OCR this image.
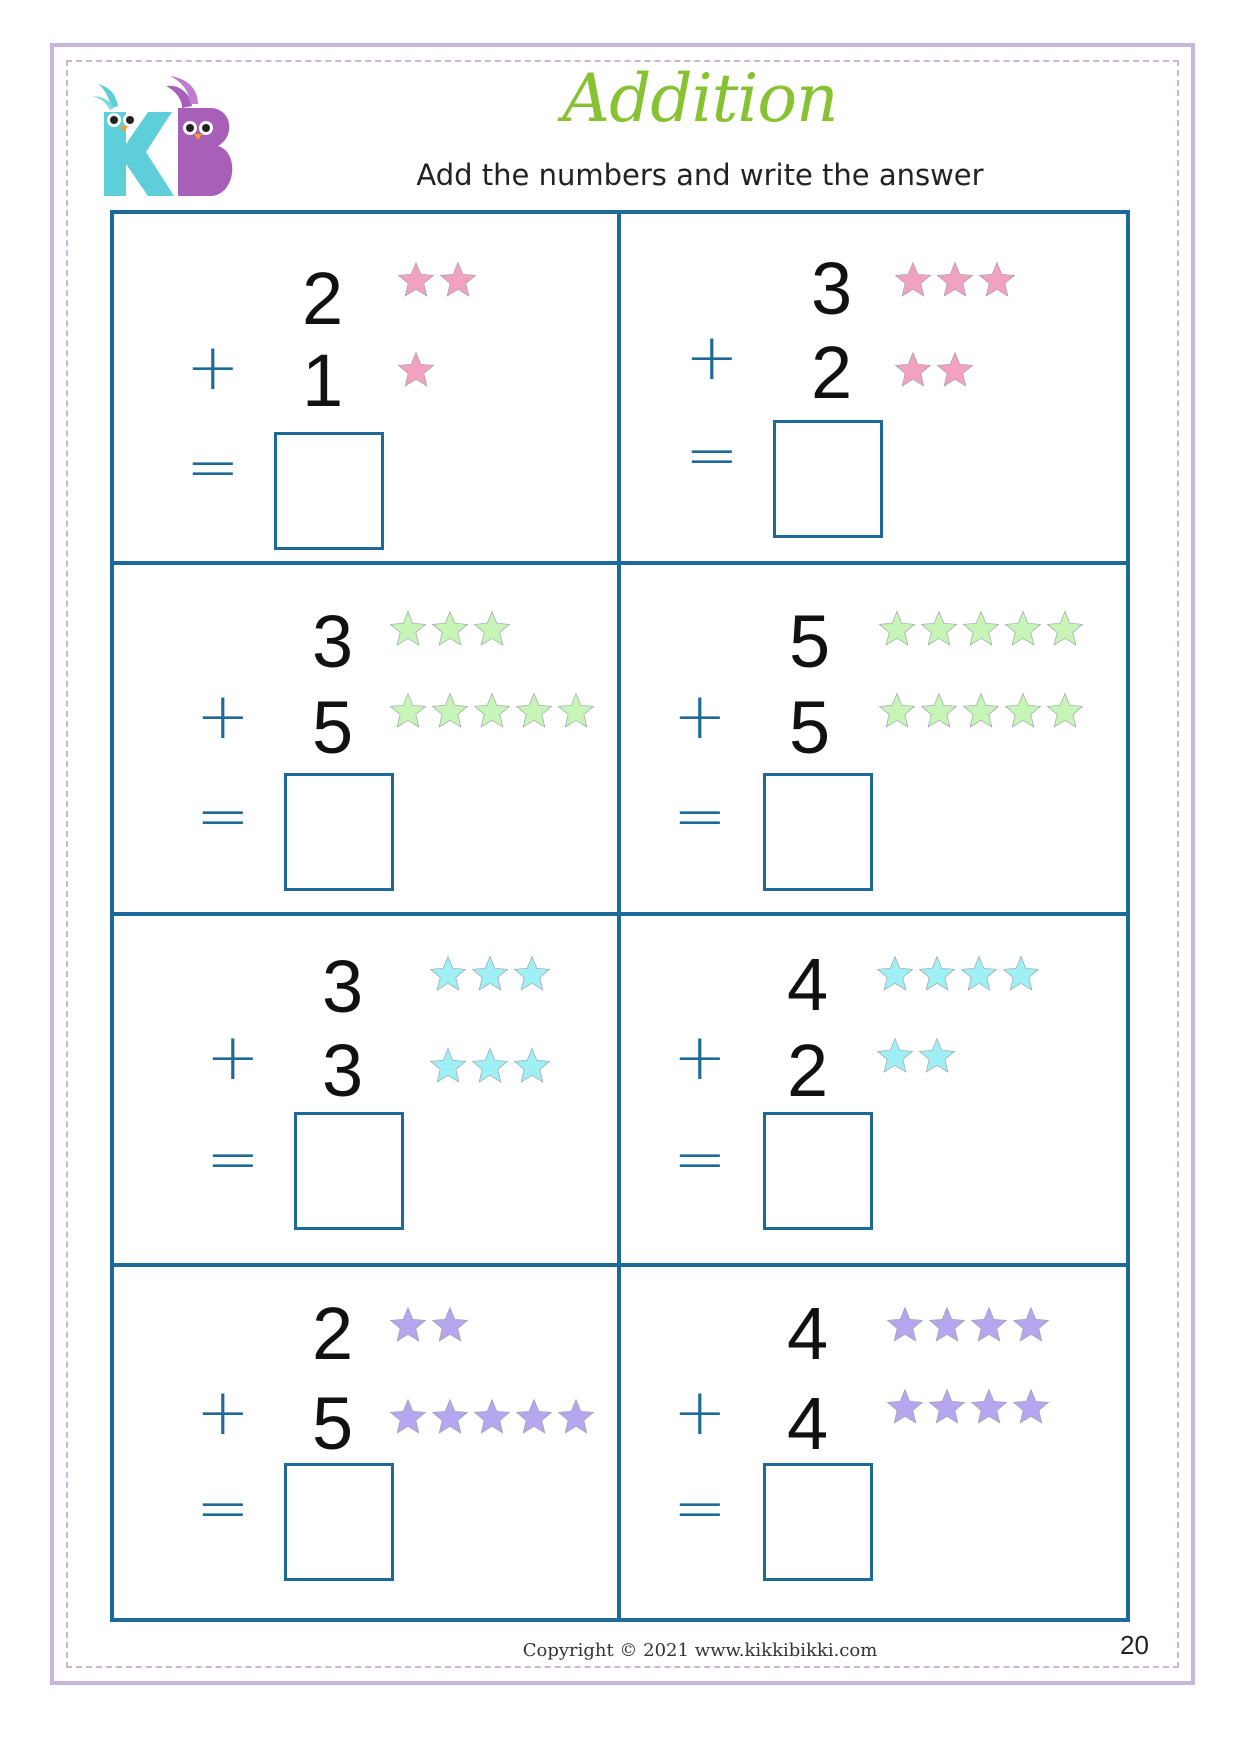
Addition
Add the numbers and write the answer
2
+ 1
=
3
+ 2
=
3
+ 5
=
5
+ 5
=
3
+ 3
=
4
+ 2
=
2
+ 5
=
4
+ 4
=
Copyright © 2021 www.kikkibikki.com	20
